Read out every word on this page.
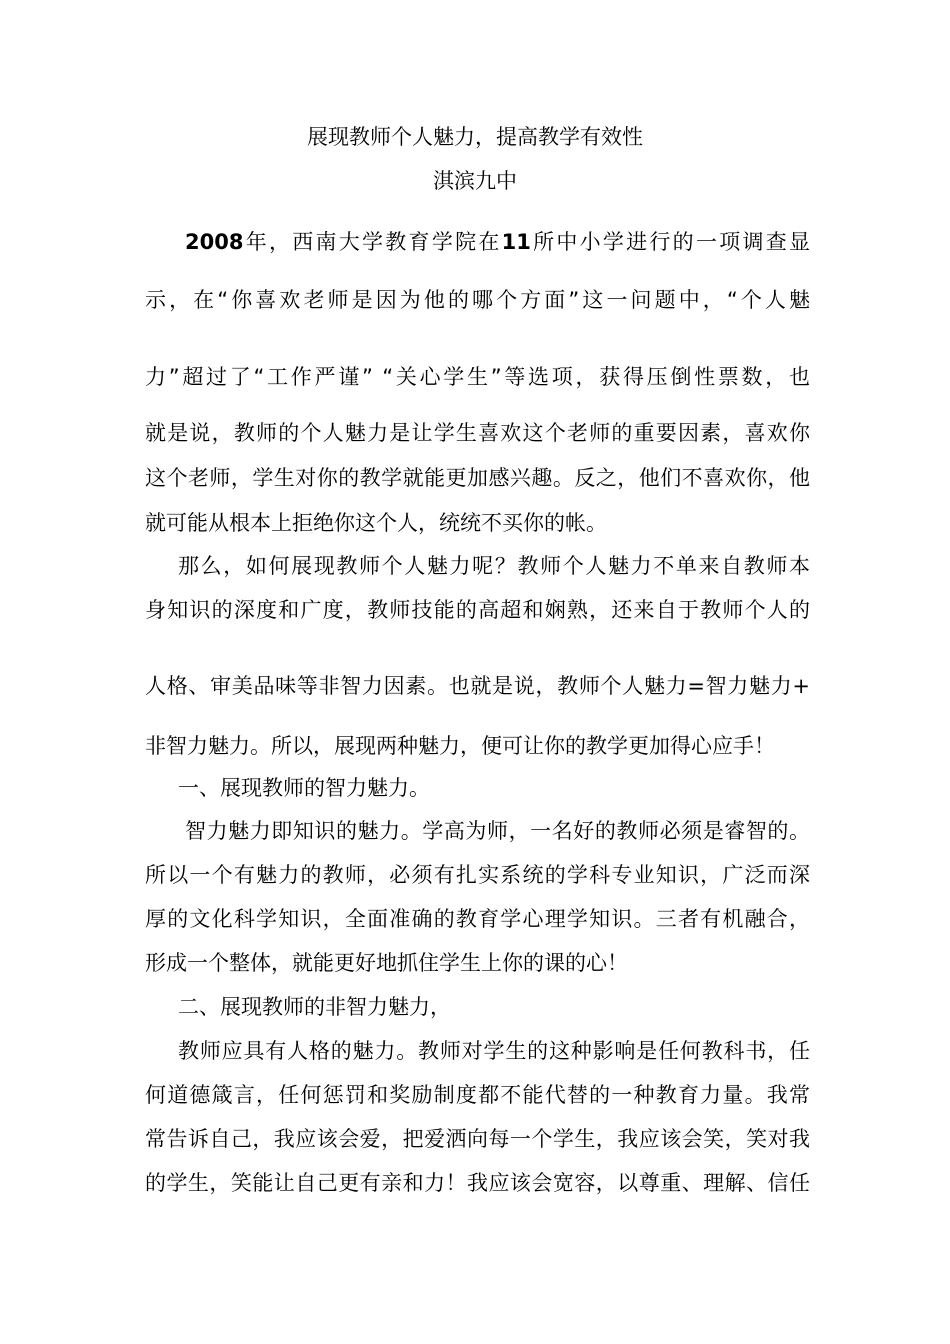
展现教师个人魅力，提高教学有效性
淇滨九中
2008年，西南大学教育学院在11所中小学进行的一项调查显
示，在“你喜欢老师是因为他的哪个方面”这一问题中，“个人魅
力”超过了“工作严谨” “关心学生”等选项，获得压倒性票数，也
就是说，教师的个人魅力是让学生喜欢这个老师的重要因素，喜欢你
这个老师，学生对你的教学就能更加感兴趣。反之，他们不喜欢你，他
就可能从根本上拒绝你这个人，统统不买你的帐。
那么，如何展现教师个人魅力呢？教师个人魅力不单来自教师本
身知识的深度和广度，教师技能的高超和娴熟，还来自于教师个人的
人格、审美品味等非智力因素。也就是说，教师个人魅力=智力魅力+
非智力魅力。所以，展现两种魅力，便可让你的教学更加得心应手！
一、展现教师的智力魅力。
智力魅力即知识的魅力。学高为师，一名好的教师必须是睿智的。
所以一个有魅力的教师，必须有扎实系统的学科专业知识，广泛而深
厚的文化科学知识，全面准确的教育学心理学知识。三者有机融合，
形成一个整体，就能更好地抓住学生上你的课的心！
二、展现教师的非智力魅力，
教师应具有人格的魅力。教师对学生的这种影响是任何教科书，任
何道德箴言，任何惩罚和奖励制度都不能代替的一种教育力量。我常
常告诉自己，我应该会爱，把爱洒向每一个学生，我应该会笑，笑对我
的学生，笑能让自己更有亲和力！我应该会宽容，以尊重、理解、信任
